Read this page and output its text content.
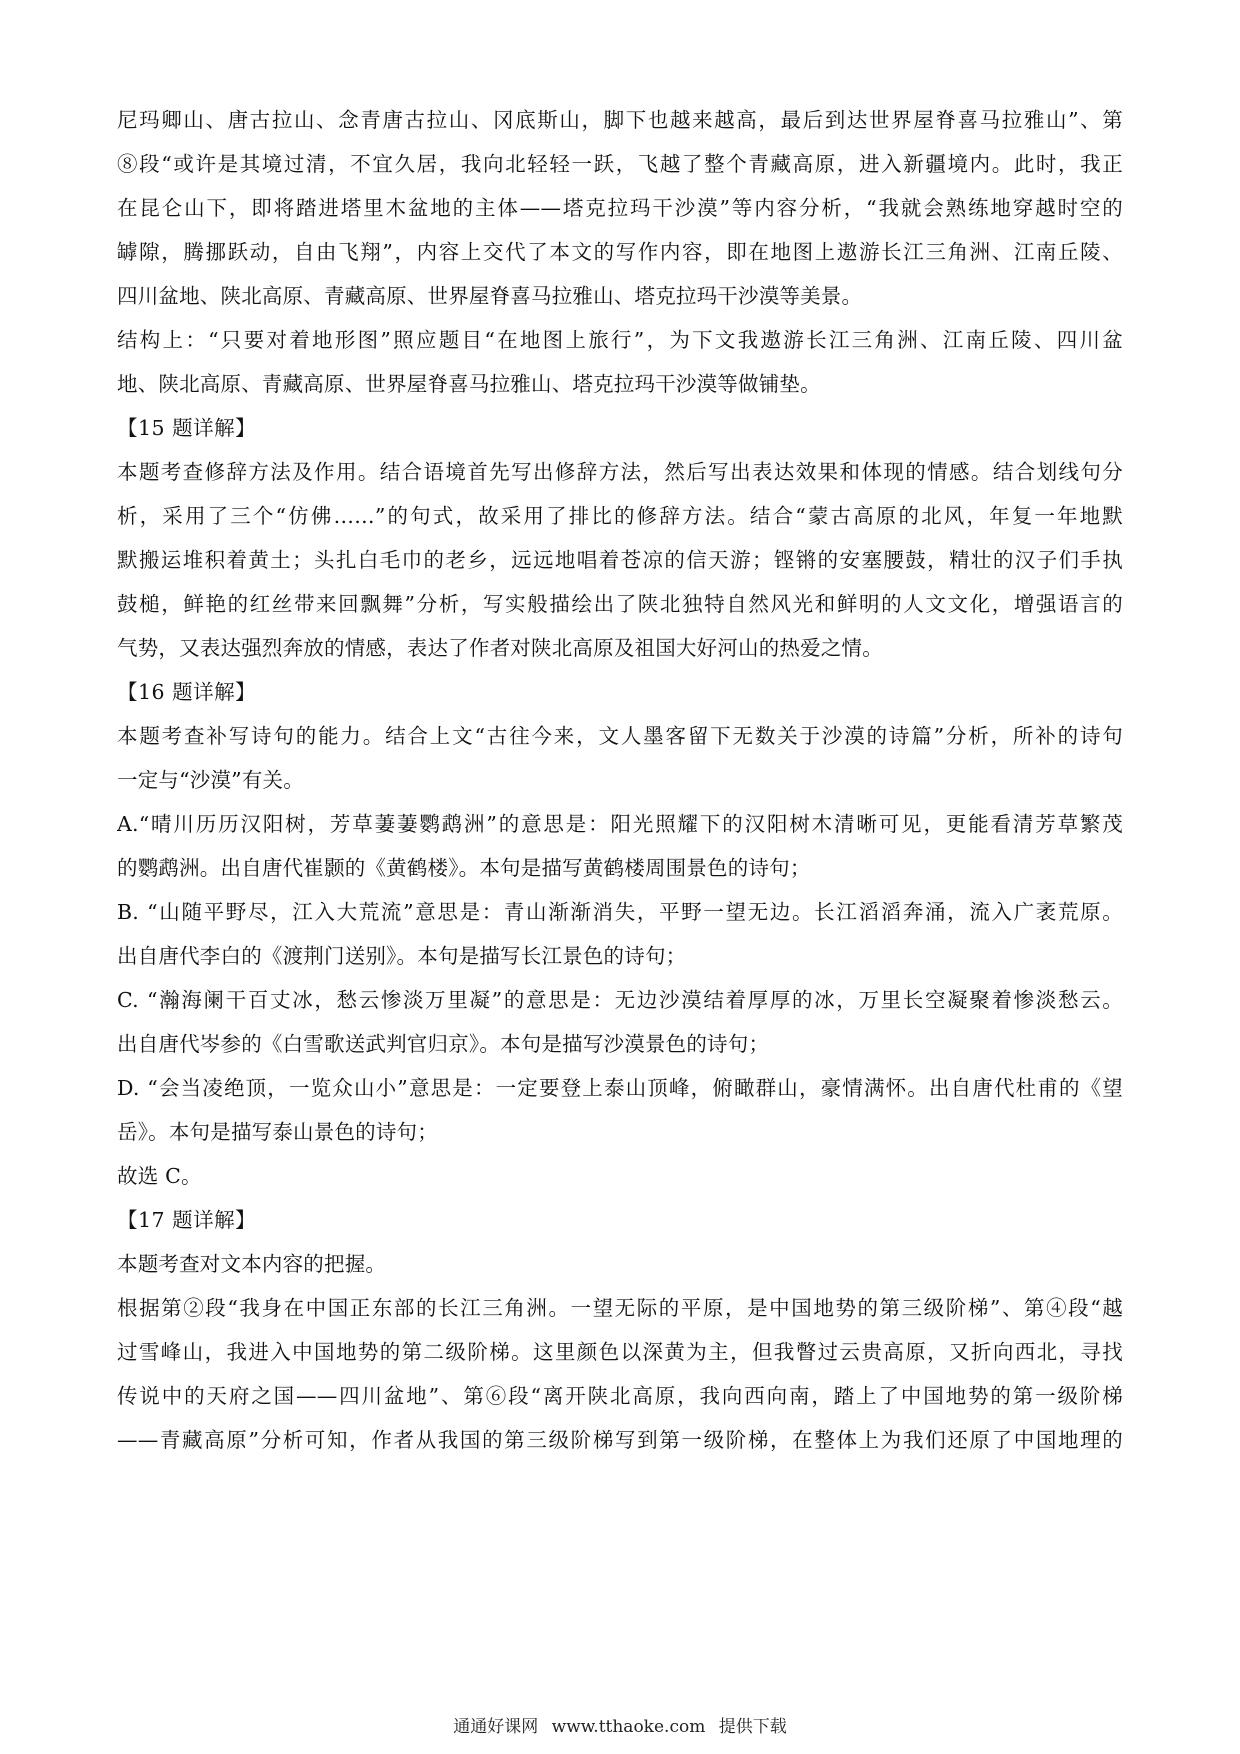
尼玛卿山、唐古拉山、念青唐古拉山、冈底斯山，脚下也越来越高，最后到达世界屋脊喜马拉雅山”、第
⑧段“或许是其境过清，不宜久居，我向北轻轻一跃，飞越了整个青藏高原，进入新疆境内。此时，我正
在昆仑山下，即将踏进塔里木盆地的主体——塔克拉玛干沙漠”等内容分析，“我就会熟练地穿越时空的
罅隙，腾挪跃动，自由飞翔”，内容上交代了本文的写作内容，即在地图上遨游长江三角洲、江南丘陵、
四川盆地、陕北高原、青藏高原、世界屋脊喜马拉雅山、塔克拉玛干沙漠等美景。
结构上：“只要对着地形图”照应题目“在地图上旅行”，为下文我遨游长江三角洲、江南丘陵、四川盆
地、陕北高原、青藏高原、世界屋脊喜马拉雅山、塔克拉玛干沙漠等做铺垫。
【15 题详解】
本题考查修辞方法及作用。结合语境首先写出修辞方法，然后写出表达效果和体现的情感。结合划线句分
析，采用了三个“仿佛……”的句式，故采用了排比的修辞方法。结合“蒙古高原的北风，年复一年地默
默搬运堆积着黄土；头扎白毛巾的老乡，远远地唱着苍凉的信天游；铿锵的安塞腰鼓，精壮的汉子们手执
鼓槌，鲜艳的红丝带来回飘舞”分析，写实般描绘出了陕北独特自然风光和鲜明的人文文化，增强语言的
气势，又表达强烈奔放的情感，表达了作者对陕北高原及祖国大好河山的热爱之情。
【16 题详解】
本题考查补写诗句的能力。结合上文“古往今来，文人墨客留下无数关于沙漠的诗篇”分析，所补的诗句
一定与“沙漠”有关。
A.“晴川历历汉阳树，芳草萋萋鹦鹉洲”的意思是：阳光照耀下的汉阳树木清晰可见，更能看清芳草繁茂
的鹦鹉洲。出自唐代崔颢的《黄鹤楼》。本句是描写黄鹤楼周围景色的诗句；
B. “山随平野尽，江入大荒流”意思是：青山渐渐消失，平野一望无边。长江滔滔奔涌，流入广袤荒原。
出自唐代李白的《渡荆门送别》。本句是描写长江景色的诗句；
C. “瀚海阑干百丈冰，愁云惨淡万里凝”的意思是：无边沙漠结着厚厚的冰，万里长空凝聚着惨淡愁云。
出自唐代岑参的《白雪歌送武判官归京》。本句是描写沙漠景色的诗句；
D. “会当凌绝顶，一览众山小”意思是：一定要登上泰山顶峰，俯瞰群山，豪情满怀。出自唐代杜甫的《望
岳》。本句是描写泰山景色的诗句；
故选 C。
【17 题详解】
本题考查对文本内容的把握。
根据第②段“我身在中国正东部的长江三角洲。一望无际的平原，是中国地势的第三级阶梯”、第④段“越
过雪峰山，我进入中国地势的第二级阶梯。这里颜色以深黄为主，但我瞥过云贵高原，又折向西北，寻找
传说中的天府之国——四川盆地”、第⑥段“离开陕北高原，我向西向南，踏上了中国地势的第一级阶梯
——青藏高原”分析可知，作者从我国的第三级阶梯写到第一级阶梯，在整体上为我们还原了中国地理的
通通好课网 www.tthaoke.com 提供下载
